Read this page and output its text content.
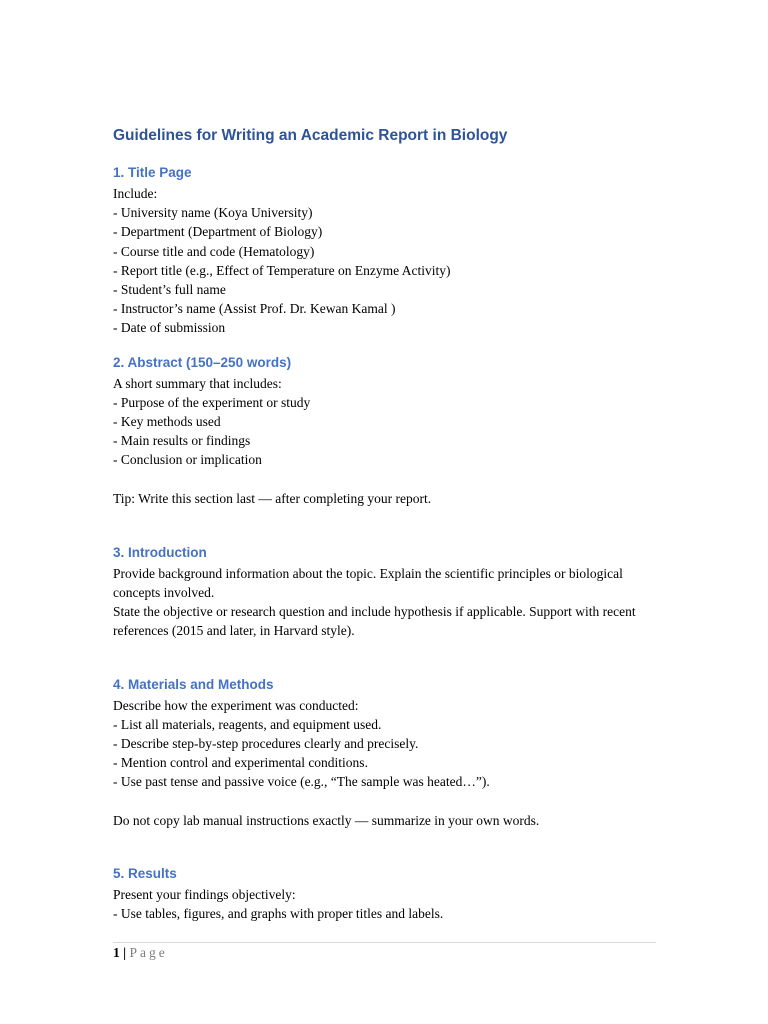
Guidelines for Writing an Academic Report in Biology
1. Title Page
Include:
- University name (Koya University)
- Department (Department of Biology)
- Course title and code (Hematology)
- Report title (e.g., Effect of Temperature on Enzyme Activity)
- Student’s full name
- Instructor’s name (Assist Prof. Dr. Kewan Kamal )
- Date of submission
2. Abstract (150–250 words)
A short summary that includes:
- Purpose of the experiment or study
- Key methods used
- Main results or findings
- Conclusion or implication
Tip: Write this section last — after completing your report.
3. Introduction

Provide background information about the topic. Explain the scientific principles or biological concepts involved.

State the objective or research question and include hypothesis if applicable. Support with recent references (2015 and later, in Harvard style).

4. Materials and Methods
Describe how the experiment was conducted:
- List all materials, reagents, and equipment used.
- Describe step-by-step procedures clearly and precisely.
- Mention control and experimental conditions.
- Use past tense and passive voice (e.g., “The sample was heated…”).
Do not copy lab manual instructions exactly — summarize in your own words.
5. Results
Present your findings objectively:
- Use tables, figures, and graphs with proper titles and labels.
1 | Page
